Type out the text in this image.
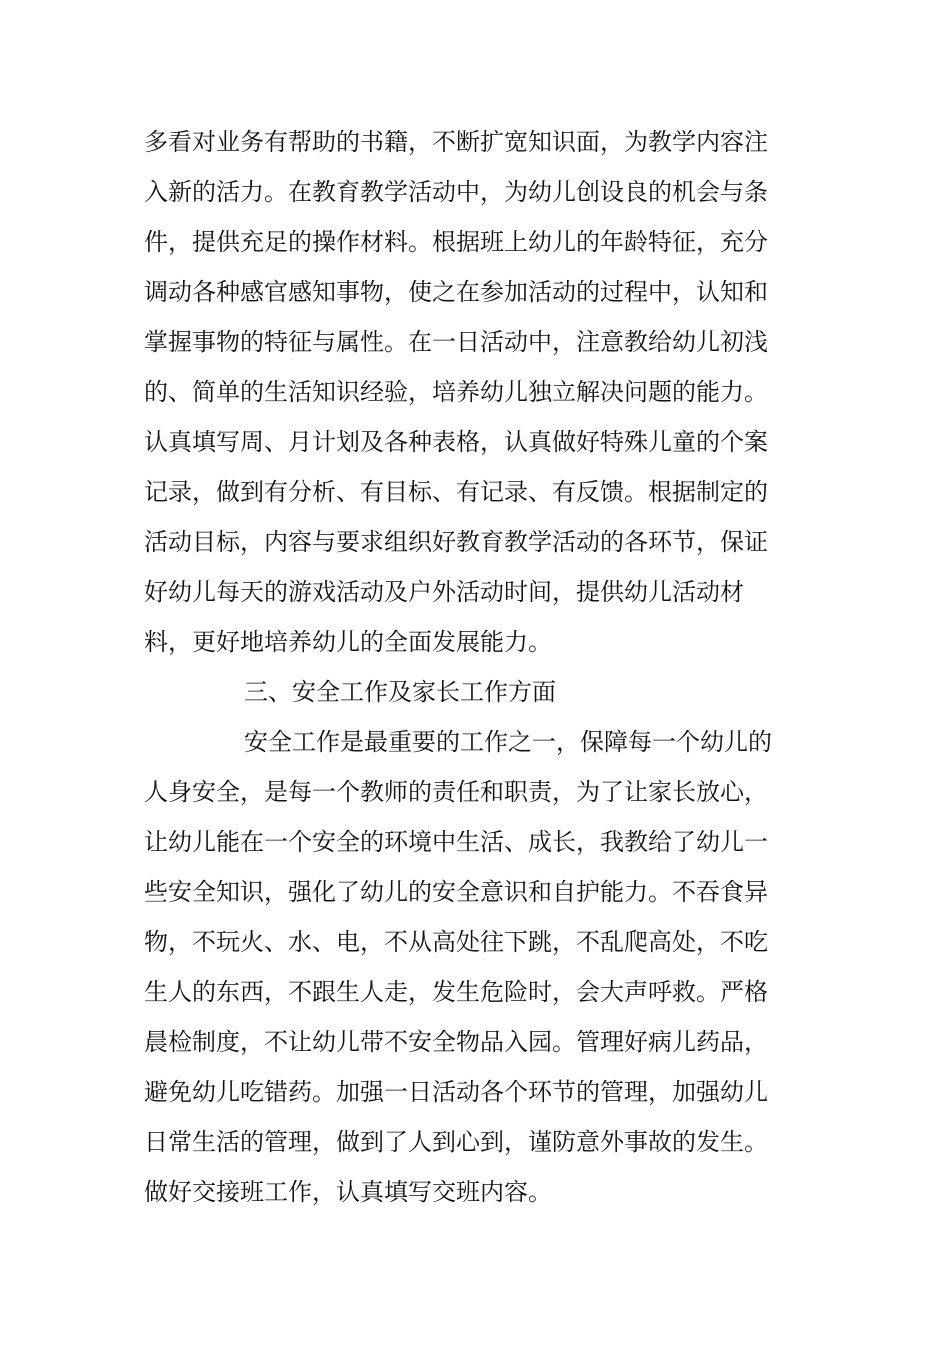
多看对业务有帮助的书籍，不断扩宽知识面，为教学内容注
入新的活力。在教育教学活动中，为幼儿创设良的机会与条
件，提供充足的操作材料。根据班上幼儿的年龄特征，充分
调动各种感官感知事物，使之在参加活动的过程中，认知和
掌握事物的特征与属性。在一日活动中，注意教给幼儿初浅
的、简单的生活知识经验，培养幼儿独立解决问题的能力。
认真填写周、月计划及各种表格，认真做好特殊儿童的个案
记录，做到有分析、有目标、有记录、有反馈。根据制定的
活动目标，内容与要求组织好教育教学活动的各环节，保证
好幼儿每天的游戏活动及户外活动时间，提供幼儿活动材
料，更好地培养幼儿的全面发展能力。
三、安全工作及家长工作方面
安全工作是最重要的工作之一，保障每一个幼儿的
人身安全，是每一个教师的责任和职责，为了让家长放心，
让幼儿能在一个安全的环境中生活、成长，我教给了幼儿一
些安全知识，强化了幼儿的安全意识和自护能力。不吞食异
物，不玩火、水、电，不从高处往下跳，不乱爬高处，不吃
生人的东西，不跟生人走，发生危险时，会大声呼救。严格
晨检制度，不让幼儿带不安全物品入园。管理好病儿药品，
避免幼儿吃错药。加强一日活动各个环节的管理，加强幼儿
日常生活的管理，做到了人到心到，谨防意外事故的发生。
做好交接班工作，认真填写交班内容。
